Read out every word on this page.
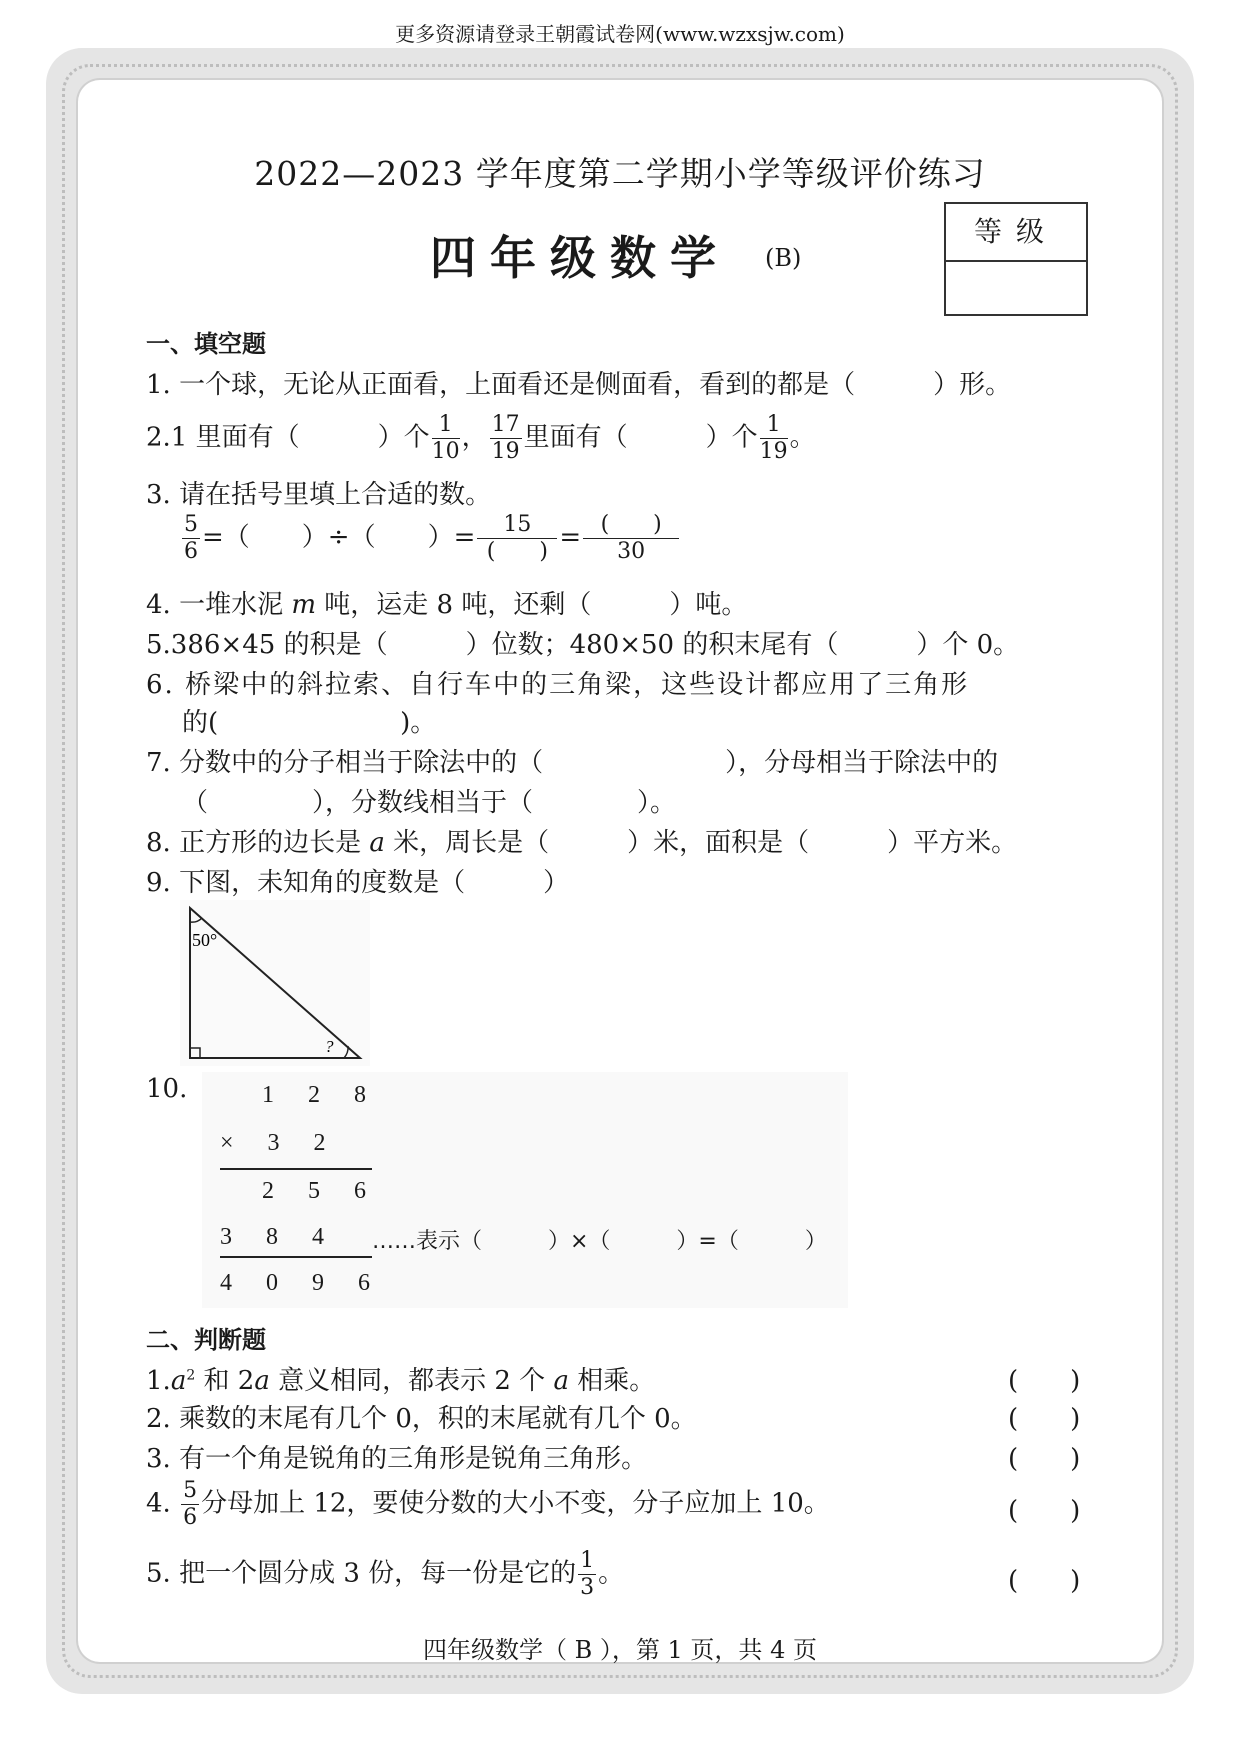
更多资源请登录王朝霞试卷网(www.wzxsjw.com)
2022—2023 学年度第二学期小学等级评价练习
四年级数学 (B)
等级
一、填空题
1. 一个球，无论从正面看，上面看还是侧面看，看到的都是（　　　）形。
2.1 里面有（　　　）个 $\frac{1}{10}$ ， $\frac{17}{19}$ 里面有（　　　）个 $\frac{1}{19}$ 。
3. 请在括号里填上合适的数。
$\frac{5}{6}$ =（　　）÷（　　）= $\frac{15}{( )} = \frac{( )}{30}$
4. 一堆水泥 m 吨，运走 8 吨，还剩（　　　）吨。
5.386×45 的积是（　　　）位数；480×50 的积末尾有（　　　）个 0。
6. 桥梁中的斜拉索、自行车中的三角梁，这些设计都应用了三角形
的(　　　　　　　)。
7. 分数中的分子相当于除法中的（　　　　　　　），分母相当于除法中的
（　　　　），分数线相当于（　　　　）。
8. 正方形的边长是 a 米，周长是（　　　）米，面积是（　　　）平方米。
9. 下图，未知角的度数是（　　　）
50°
?
10.	1 2 8
× 3 2
2 5 6
3 8 4
4 0 9 6
……表示（　　　）×（　　　）=（　　　）
二、判断题
$1.a^2$ 和 2a 意义相同，都表示 2 个 a 相乘。	(　　)
2. 乘数的末尾有几个 0，积的末尾就有几个 0。	(　　)
3. 有一个角是锐角的三角形是锐角三角形。	(　　)
4. $\frac{5}{6}$ 分母加上 12，要使分数的大小不变，分子应加上 10。	(　　)
5. 把一个圆分成 3 份，每一份是它的 $\frac{1}{3}$ 。	(　　)
四年级数学（ B ），第 1 页，共 4 页
